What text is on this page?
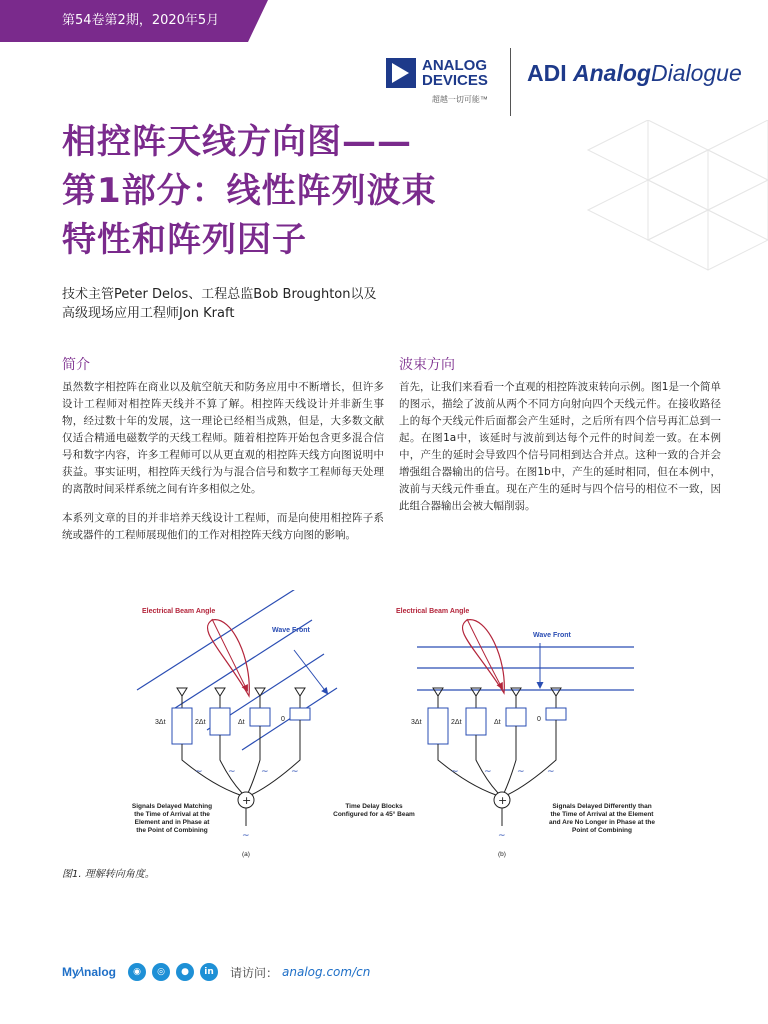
第54卷第2期，2020年5月
ANALOG
DEVICES
超越一切可能™
ADI AnalogDialogue
相控阵天线方向图——
第1部分：线性阵列波束
特性和阵列因子
技术主管Peter Delos、工程总监Bob Broughton以及
高级现场应用工程师Jon Kraft
简介

虽然数字相控阵在商业以及航空航天和防务应用中不断增长，但许多设计工程师对相控阵天线并不算了解。相控阵天线设计并非新生事物，经过数十年的发展，这一理论已经相当成熟，但是，大多数文献仅适合精通电磁数学的天线工程师。随着相控阵开始包含更多混合信号和数字内容，许多工程师可以从更直观的相控阵天线方向图说明中获益。事实证明，相控阵天线行为与混合信号和数字工程师每天处理的离散时间采样系统之间有许多相似之处。

本系列文章的目的并非培养天线设计工程师，而是向使用相控阵子系统或器件的工程师展现他们的工作对相控阵天线方向图的影响。

波束方向

首先，让我们来看看一个直观的相控阵波束转向示例。图1是一个简单的图示，描绘了波前从两个不同方向射向四个天线元件。在接收路径上的每个天线元件后面都会产生延时，之后所有四个信号再汇总到一起。在图1a中，该延时与波前到达每个元件的时间差一致。在本例中，产生的延时会导致四个信号同相到达合并点。这种一致的合并会增强组合器输出的信号。在图1b中，产生的延时相同，但在本例中，波前与天线元件垂直。现在产生的延时与四个信号的相位不一致，因此组合器输出会被大幅削弱。

Wave Front
Electrical Beam Angle
3Δt	2Δt	Δt	0
+
~	~	~ ~
~
Signals Delayed Matching
the Time of Arrival at the
Element and in Phase at
the Point of Combining
(a)
Time Delay Blocks
Configured for a 45° Beam
Wave Front
Electrical Beam Angle
3Δt	2Δt	Δt	0
+
~	~	~ ~
~
Signals Delayed Differently than
the Time of Arrival at the Element
and Are No Longer in Phase at the
Point of Combining
(b)
图1. 理解转向角度。
My∕\nalog	◉	◎	●	in	请访问： analog.com/cn
